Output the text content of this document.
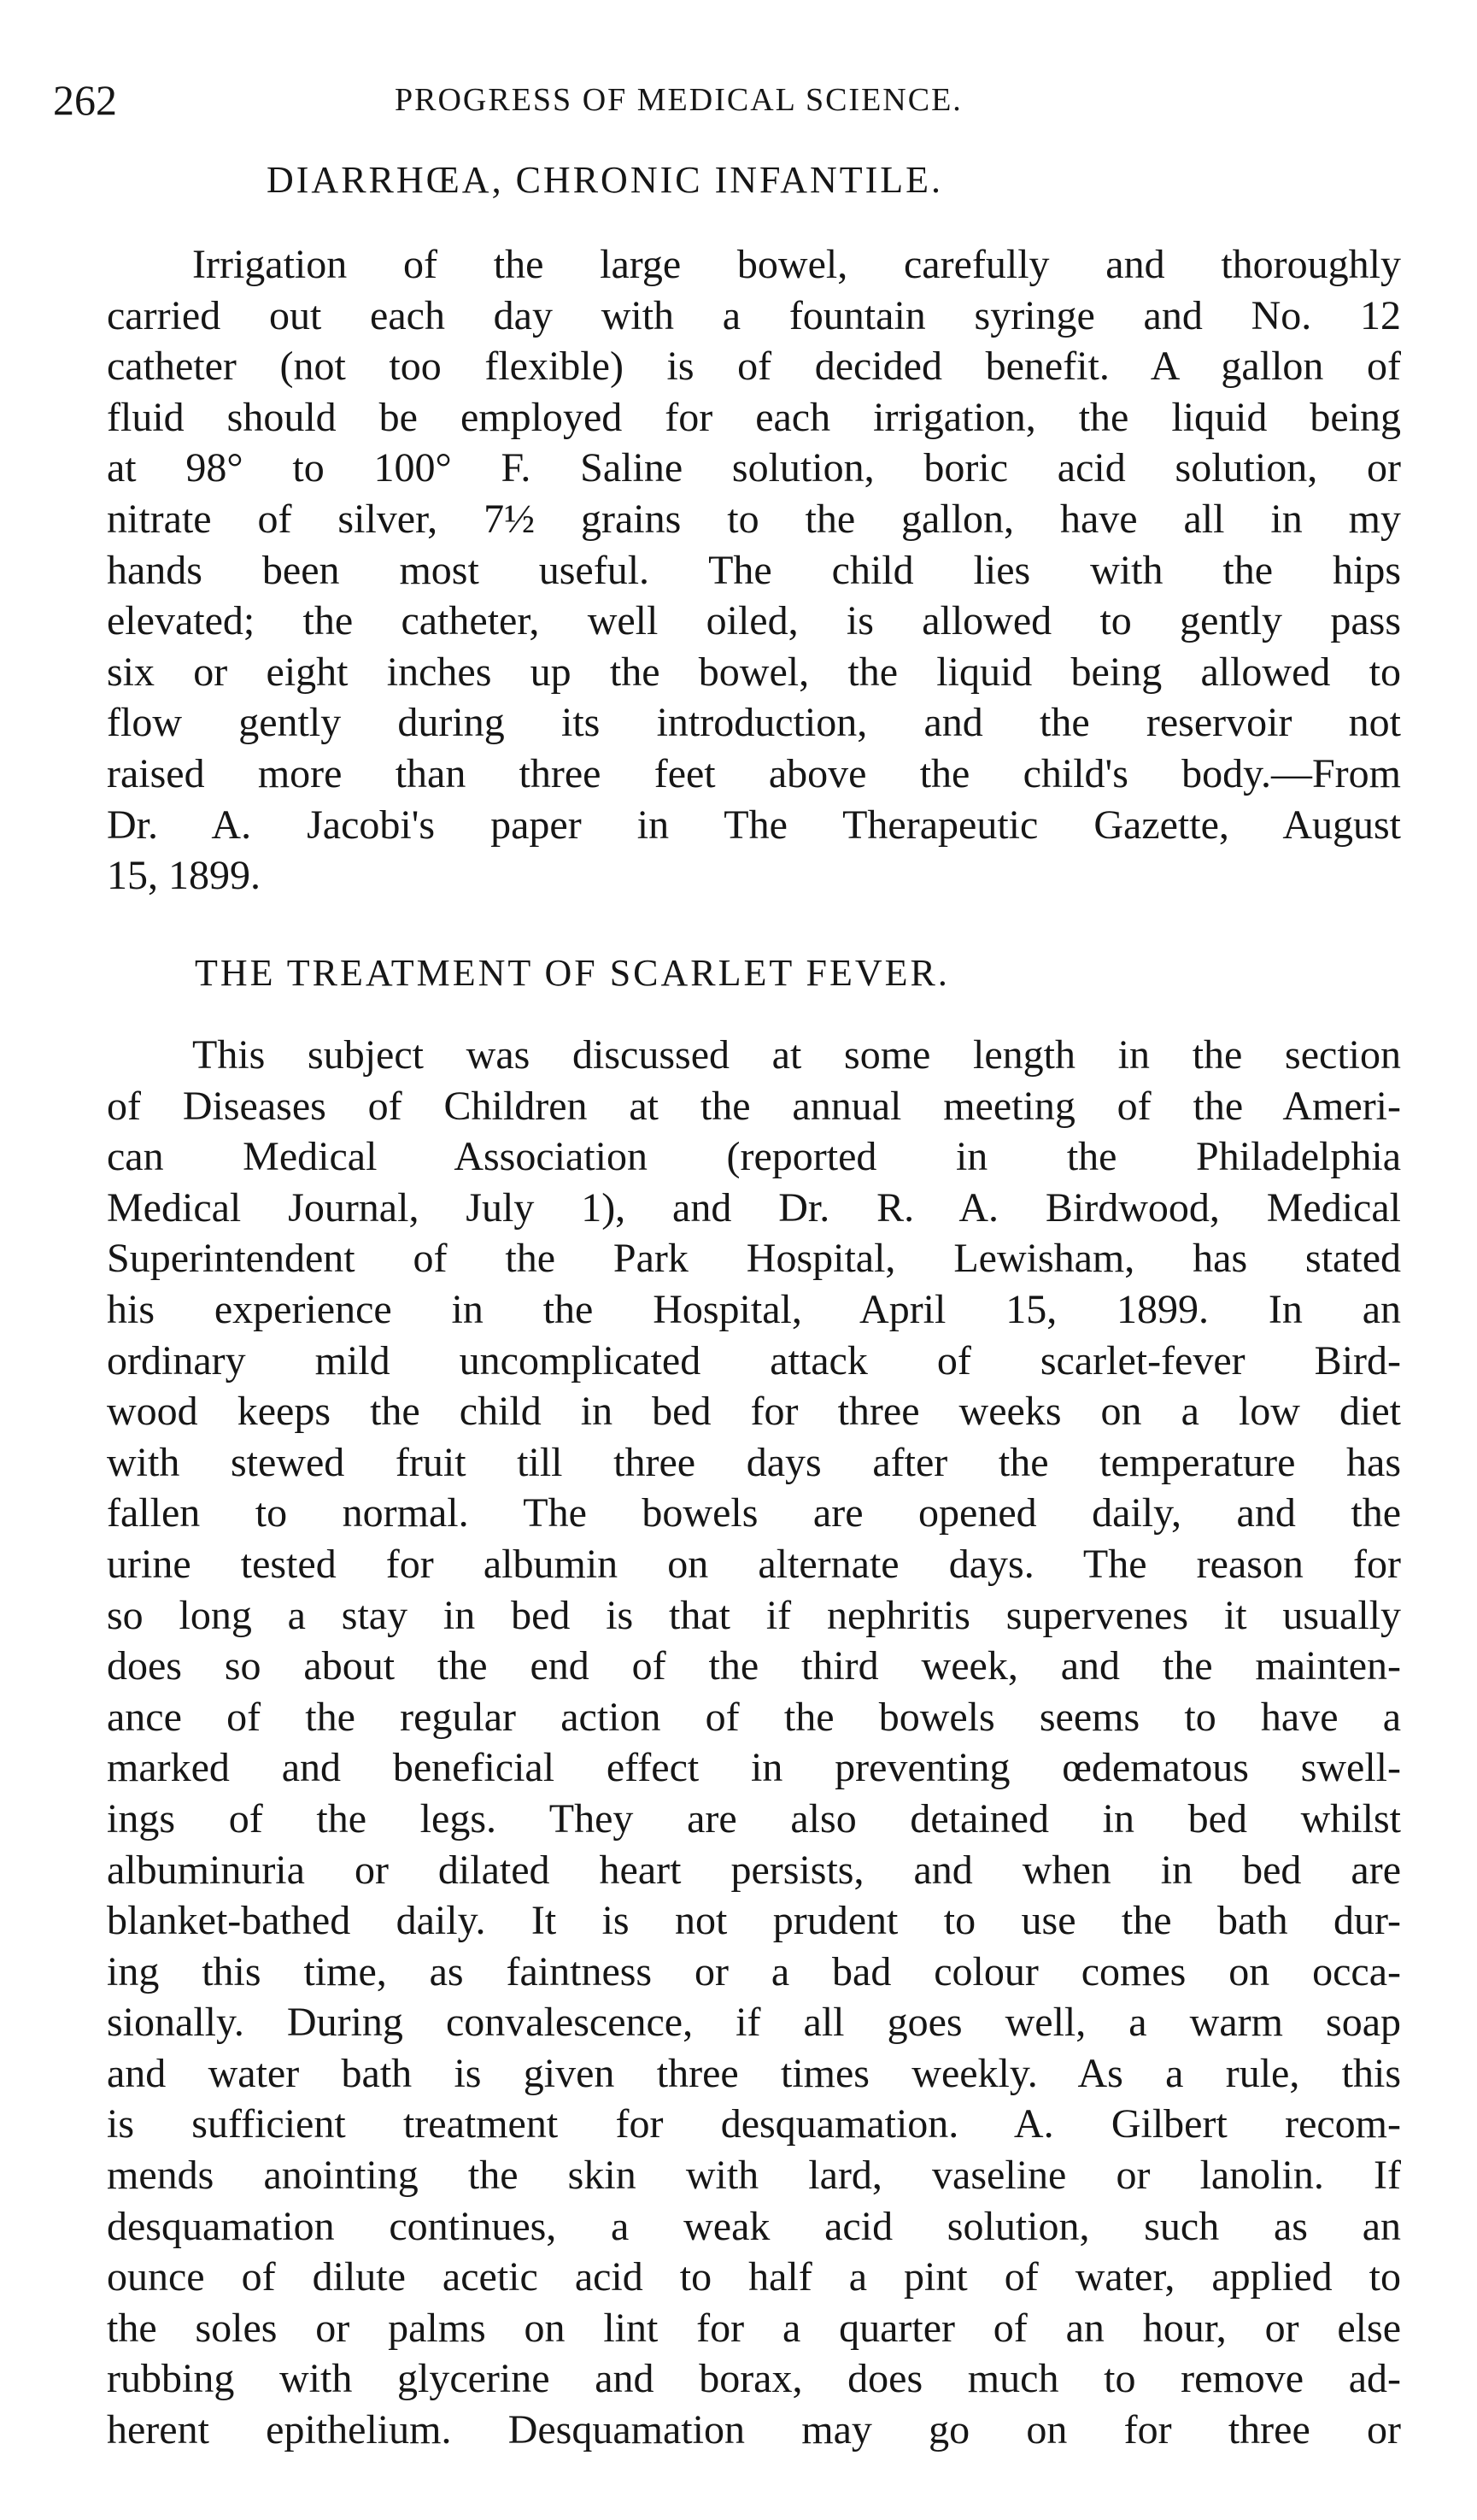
262	PROGRESS OF MEDICAL SCIENCE.
DIARRHŒA, CHRONIC INFANTILE.
Irrigation of the large bowel, carefully and thoroughly
carried out each day with a fountain syringe and No. 12
catheter (not too flexible) is of decided benefit. A gallon of
fluid should be employed for each irrigation, the liquid being
at 98° to 100° F. Saline solution, boric acid solution, or
nitrate of silver, 7½ grains to the gallon, have all in my
hands been most useful. The child lies with the hips
elevated; the catheter, well oiled, is allowed to gently pass
six or eight inches up the bowel, the liquid being allowed to
flow gently during its introduction, and the reservoir not
raised more than three feet above the child's body.—From
Dr. A. Jacobi's paper in The Therapeutic Gazette, August
15, 1899.
THE TREATMENT OF SCARLET FEVER.
This subject was discussed at some length in the section
of Diseases of Children at the annual meeting of the Ameri-
can Medical Association (reported in the Philadelphia
Medical Journal, July 1), and Dr. R. A. Birdwood, Medical
Superintendent of the Park Hospital, Lewisham, has stated
his experience in the Hospital, April 15, 1899. In an
ordinary mild uncomplicated attack of scarlet-fever Bird-
wood keeps the child in bed for three weeks on a low diet
with stewed fruit till three days after the temperature has
fallen to normal. The bowels are opened daily, and the
urine tested for albumin on alternate days. The reason for
so long a stay in bed is that if nephritis supervenes it usually
does so about the end of the third week, and the mainten-
ance of the regular action of the bowels seems to have a
marked and beneficial effect in preventing œdematous swell-
ings of the legs. They are also detained in bed whilst
albuminuria or dilated heart persists, and when in bed are
blanket-bathed daily. It is not prudent to use the bath dur-
ing this time, as faintness or a bad colour comes on occa-
sionally. During convalescence, if all goes well, a warm soap
and water bath is given three times weekly. As a rule, this
is sufficient treatment for desquamation. A. Gilbert recom-
mends anointing the skin with lard, vaseline or lanolin. If
desquamation continues, a weak acid solution, such as an
ounce of dilute acetic acid to half a pint of water, applied to
the soles or palms on lint for a quarter of an hour, or else
rubbing with glycerine and borax, does much to remove ad-
herent epithelium. Desquamation may go on for three or
